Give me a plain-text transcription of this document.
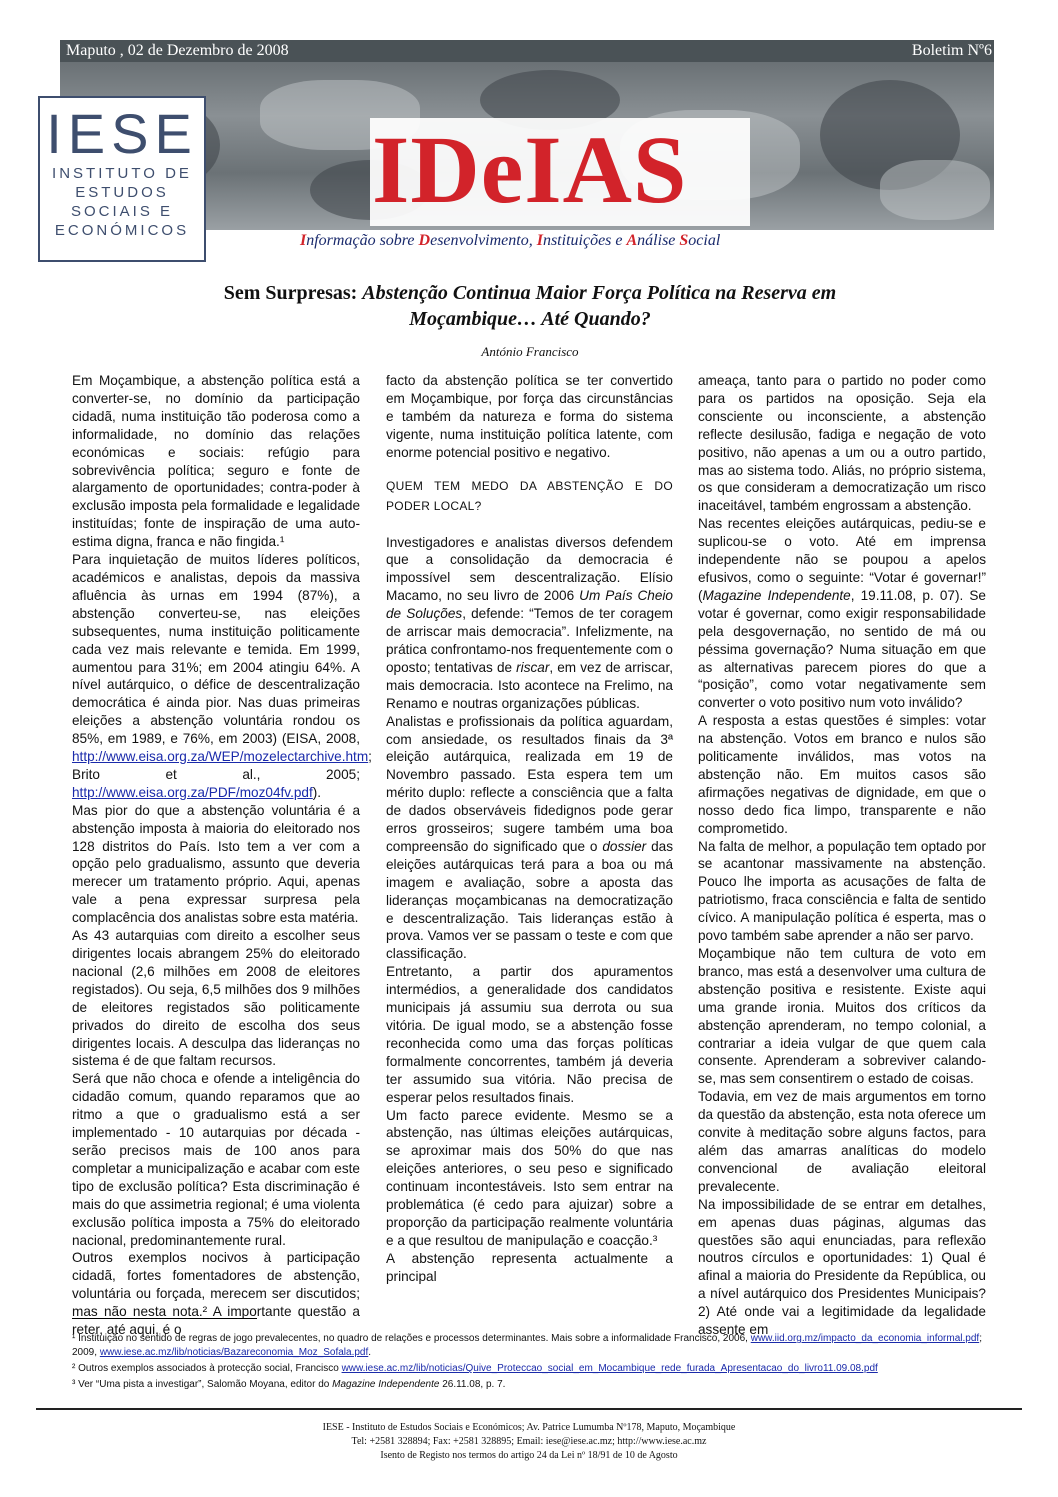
Maputo , 02 de Dezembro de 2008	Boletim Nº6
IESE
INSTITUTO DE
ESTUDOS
SOCIAIS E
ECONÓMICOS
IDeIAS
Informação sobre Desenvolvimento, Instituições e Análise Social
Sem Surpresas: Abstenção Continua Maior Força Política na Reserva em
Moçambique… Até Quando?
António Francisco

Em Moçambique, a abstenção política está a converter-se, no domínio da participação cidadã, numa instituição tão poderosa como a informalidade, no domínio das relações económicas e sociais: refúgio para sobrevivência política; seguro e fonte de alargamento de oportunidades; contra-poder à exclusão imposta pela formalidade e legalidade instituídas; fonte de inspiração de uma auto-estima digna, franca e não fingida.¹

Para inquietação de muitos líderes políticos, académicos e analistas, depois da massiva afluência às urnas em 1994 (87%), a abstenção converteu-se, nas eleições subsequentes, numa instituição politicamente cada vez mais relevante e temida. Em 1999, aumentou para 31%; em 2004 atingiu 64%. A nível autárquico, o défice de descentralização democrática é ainda pior. Nas duas primeiras eleições a abstenção voluntária rondou os 85%, em 1989, e 76%, em 2003) (EISA, 2008, http://www.eisa.org.za/WEP/mozelectarchive.htm; Brito et al., 2005; http://www.eisa.org.za/PDF/moz04fv.pdf).

Mas pior do que a abstenção voluntária é a abstenção imposta à maioria do eleitorado nos 128 distritos do País. Isto tem a ver com a opção pelo gradualismo, assunto que deveria merecer um tratamento próprio. Aqui, apenas vale a pena expressar surpresa pela complacência dos analistas sobre esta matéria.

As 43 autarquias com direito a escolher seus dirigentes locais abrangem 25% do eleitorado nacional (2,6 milhões em 2008 de eleitores registados). Ou seja, 6,5 milhões dos 9 milhões de eleitores registados são politicamente privados do direito de escolha dos seus dirigentes locais. A desculpa das lideranças no sistema é de que faltam recursos.

Será que não choca e ofende a inteligência do cidadão comum, quando reparamos que ao ritmo a que o gradualismo está a ser implementado - 10 autarquias por década - serão precisos mais de 100 anos para completar a municipalização e acabar com este tipo de exclusão política? Esta discriminação é mais do que assimetria regional; é uma violenta exclusão política imposta a 75% do eleitorado nacional, predominantemente rural.

Outros exemplos nocivos à participação cidadã, fortes fomentadores de abstenção, voluntária ou forçada, merecem ser discutidos; mas não nesta nota.² A importante questão a reter, até aqui, é o

facto da abstenção política se ter convertido em Moçambique, por força das circunstâncias e também da natureza e forma do sistema vigente, numa instituição política latente, com enorme potencial positivo e negativo.

QUEM TEM MEDO DA ABSTENÇÃO E DO PODER LOCAL?

Investigadores e analistas diversos defendem que a consolidação da democracia é impossível sem descentralização. Elísio Macamo, no seu livro de 2006 Um País Cheio de Soluções, defende: “Temos de ter coragem de arriscar mais democracia”. Infelizmente, na prática confrontamo-nos frequentemente com o oposto; tentativas de riscar, em vez de arriscar, mais democracia. Isto acontece na Frelimo, na Renamo e noutras organizações públicas.

Analistas e profissionais da política aguardam, com ansiedade, os resultados finais da 3ª eleição autárquica, realizada em 19 de Novembro passado. Esta espera tem um mérito duplo: reflecte a consciência que a falta de dados observáveis fidedignos pode gerar erros grosseiros; sugere também uma boa compreensão do significado que o dossier das eleições autárquicas terá para a boa ou má imagem e avaliação, sobre a aposta das lideranças moçambicanas na democratização e descentralização. Tais lideranças estão à prova. Vamos ver se passam o teste e com que classificação.

Entretanto, a partir dos apuramentos intermédios, a generalidade dos candidatos municipais já assumiu sua derrota ou sua vitória. De igual modo, se a abstenção fosse reconhecida como uma das forças políticas formalmente concorrentes, também já deveria ter assumido sua vitória. Não precisa de esperar pelos resultados finais.

Um facto parece evidente. Mesmo se a abstenção, nas últimas eleições autárquicas, se aproximar mais dos 50% do que nas eleições anteriores, o seu peso e significado continuam incontestáveis. Isto sem entrar na problemática (é cedo para ajuizar) sobre a proporção da participação realmente voluntária e a que resultou de manipulação e coacção.³

A abstenção representa actualmente a principal

ameaça, tanto para o partido no poder como para os partidos na oposição. Seja ela consciente ou inconsciente, a abstenção reflecte desilusão, fadiga e negação de voto positivo, não apenas a um ou a outro partido, mas ao sistema todo. Aliás, no próprio sistema, os que consideram a democratização um risco inaceitável, também engrossam a abstenção.

Nas recentes eleições autárquicas, pediu-se e suplicou-se o voto. Até em imprensa independente não se poupou a apelos efusivos, como o seguinte: “Votar é governar!” (Magazine Independente, 19.11.08, p. 07). Se votar é governar, como exigir responsabilidade pela desgovernação, no sentido de má ou péssima governação? Numa situação em que as alternativas parecem piores do que a “posição”, como votar negativamente sem converter o voto positivo num voto inválido?

A resposta a estas questões é simples: votar na abstenção. Votos em branco e nulos são politicamente inválidos, mas votos na abstenção não. Em muitos casos são afirmações negativas de dignidade, em que o nosso dedo fica limpo, transparente e não comprometido.

Na falta de melhor, a população tem optado por se acantonar massivamente na abstenção. Pouco lhe importa as acusações de falta de patriotismo, fraca consciência e falta de sentido cívico. A manipulação política é esperta, mas o povo também sabe aprender a não ser parvo.

Moçambique não tem cultura de voto em branco, mas está a desenvolver uma cultura de abstenção positiva e resistente. Existe aqui uma grande ironia. Muitos dos críticos da abstenção aprenderam, no tempo colonial, a contrariar a ideia vulgar de que quem cala consente. Aprenderam a sobreviver calando-se, mas sem consentirem o estado de coisas.

Todavia, em vez de mais argumentos em torno da questão da abstenção, esta nota oferece um convite à meditação sobre alguns factos, para além das amarras analíticas do modelo convencional de avaliação eleitoral prevalecente.

Na impossibilidade de se entrar em detalhes, em apenas duas páginas, algumas das questões são aqui enunciadas, para reflexão noutros círculos e oportunidades: 1) Qual é afinal a maioria do Presidente da República, ou a nível autárquico dos Presidentes Municipais? 2) Até onde vai a legitimidade da legalidade assente em

¹ Instituição no sentido de regras de jogo prevalecentes, no quadro de relações e processos determinantes. Mais sobre a informalidade Francisco, 2006, www.iid.org.mz/impacto_da_economia_informal.pdf; 2009, www.iese.ac.mz/lib/noticias/Bazareconomia_Moz_Sofala.pdf.
² Outros exemplos associados à protecção social, Francisco www.iese.ac.mz/lib/noticias/Quive_Proteccao_social_em_Mocambique_rede_furada_Apresentacao_do_livro11.09.08.pdf
³ Ver “Uma pista a investigar”, Salomão Moyana, editor do Magazine Independente 26.11.08, p. 7.
IESE - Instituto de Estudos Sociais e Económicos; Av. Patrice Lumumba Nº178, Maputo, Moçambique
Tel: +2581 328894; Fax: +2581 328895; Email: iese@iese.ac.mz; http://www.iese.ac.mz
Isento de Registo nos termos do artigo 24 da Lei nº 18/91 de 10 de Agosto
